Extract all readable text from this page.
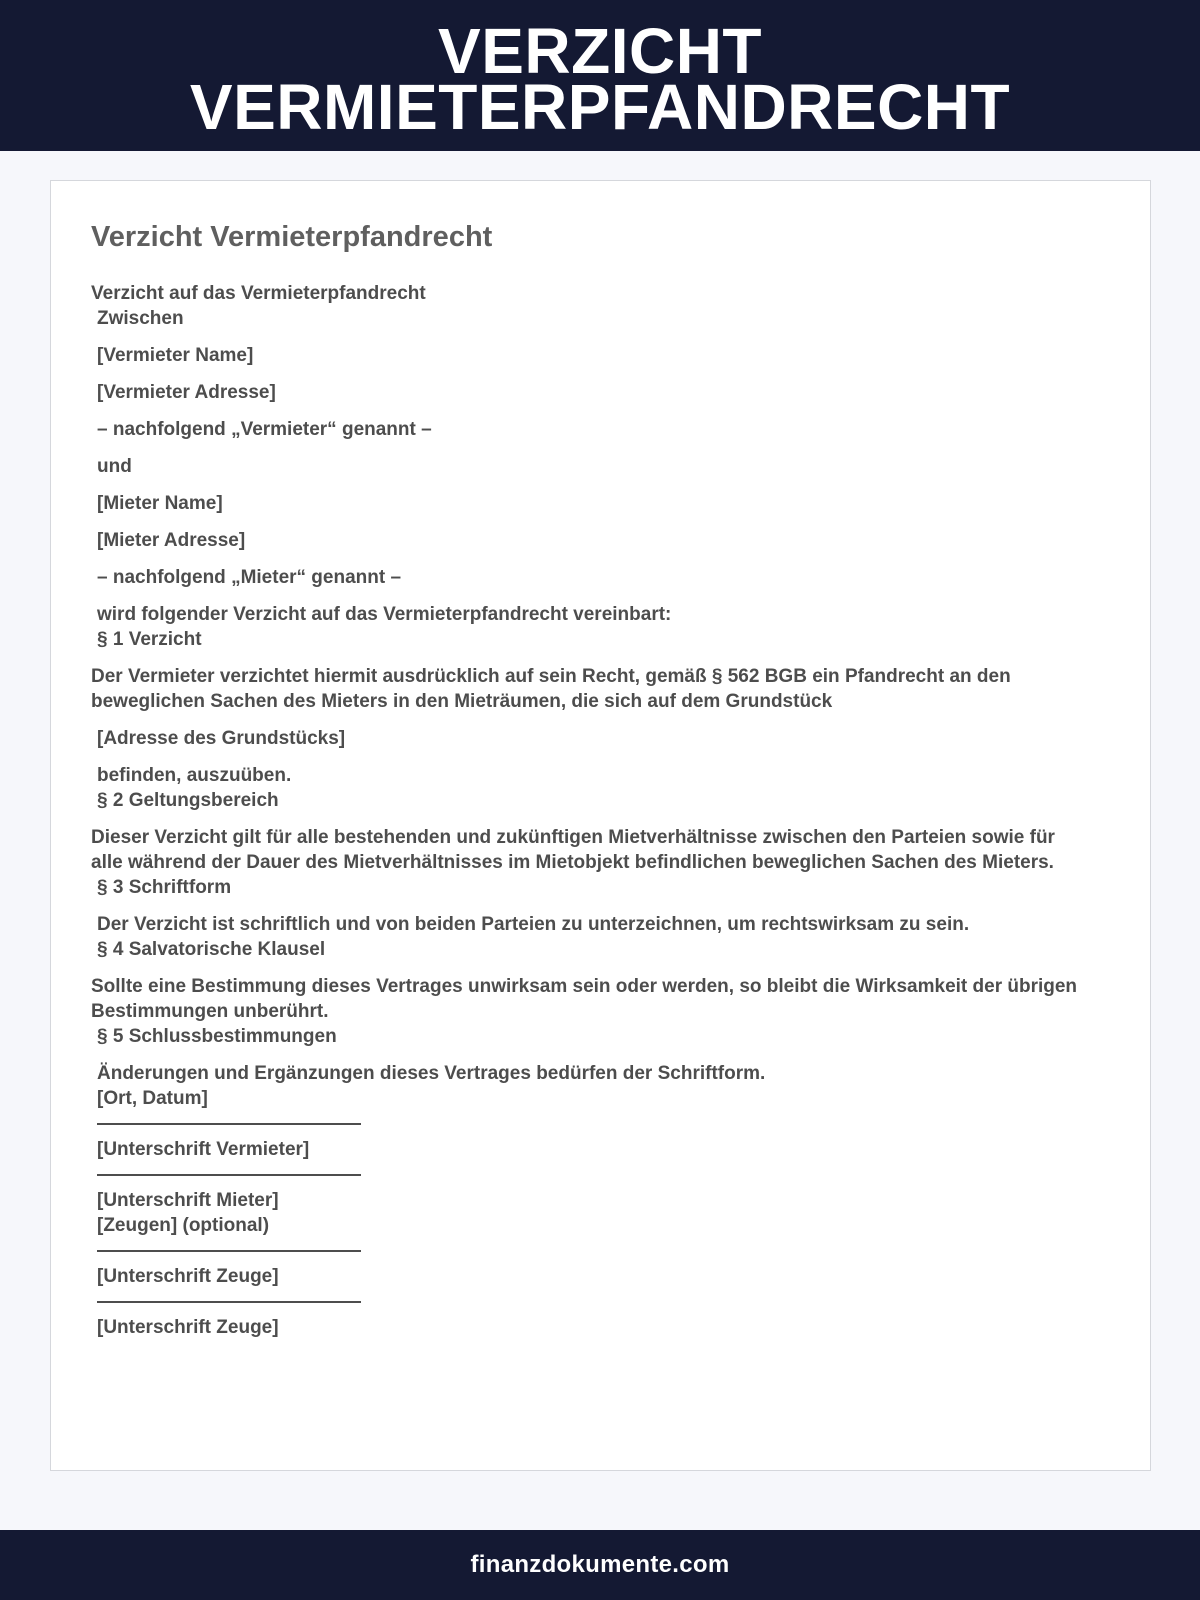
VERZICHT
VERMIETERPFANDRECHT
Verzicht Vermieterpfandrecht
Verzicht auf das Vermieterpfandrecht
Zwischen
[Vermieter Name]
[Vermieter Adresse]
– nachfolgend „Vermieter“ genannt –
und
[Mieter Name]
[Mieter Adresse]
– nachfolgend „Mieter“ genannt –
wird folgender Verzicht auf das Vermieterpfandrecht vereinbart:
§ 1 Verzicht
Der Vermieter verzichtet hiermit ausdrücklich auf sein Recht, gemäß § 562 BGB ein Pfandrecht an den beweglichen Sachen des Mieters in den Mieträumen, die sich auf dem Grundstück
[Adresse des Grundstücks]
befinden, auszuüben.
§ 2 Geltungsbereich
Dieser Verzicht gilt für alle bestehenden und zukünftigen Mietverhältnisse zwischen den Parteien sowie für alle während der Dauer des Mietverhältnisses im Mietobjekt befindlichen beweglichen Sachen des Mieters.
§ 3 Schriftform
Der Verzicht ist schriftlich und von beiden Parteien zu unterzeichnen, um rechtswirksam zu sein.
§ 4 Salvatorische Klausel
Sollte eine Bestimmung dieses Vertrages unwirksam sein oder werden, so bleibt die Wirksamkeit der übrigen Bestimmungen unberührt.
§ 5 Schlussbestimmungen
Änderungen und Ergänzungen dieses Vertrages bedürfen der Schriftform.
[Ort, Datum]
[Unterschrift Vermieter]
[Unterschrift Mieter]
[Zeugen] (optional)
[Unterschrift Zeuge]
[Unterschrift Zeuge]
finanzdokumente.com
